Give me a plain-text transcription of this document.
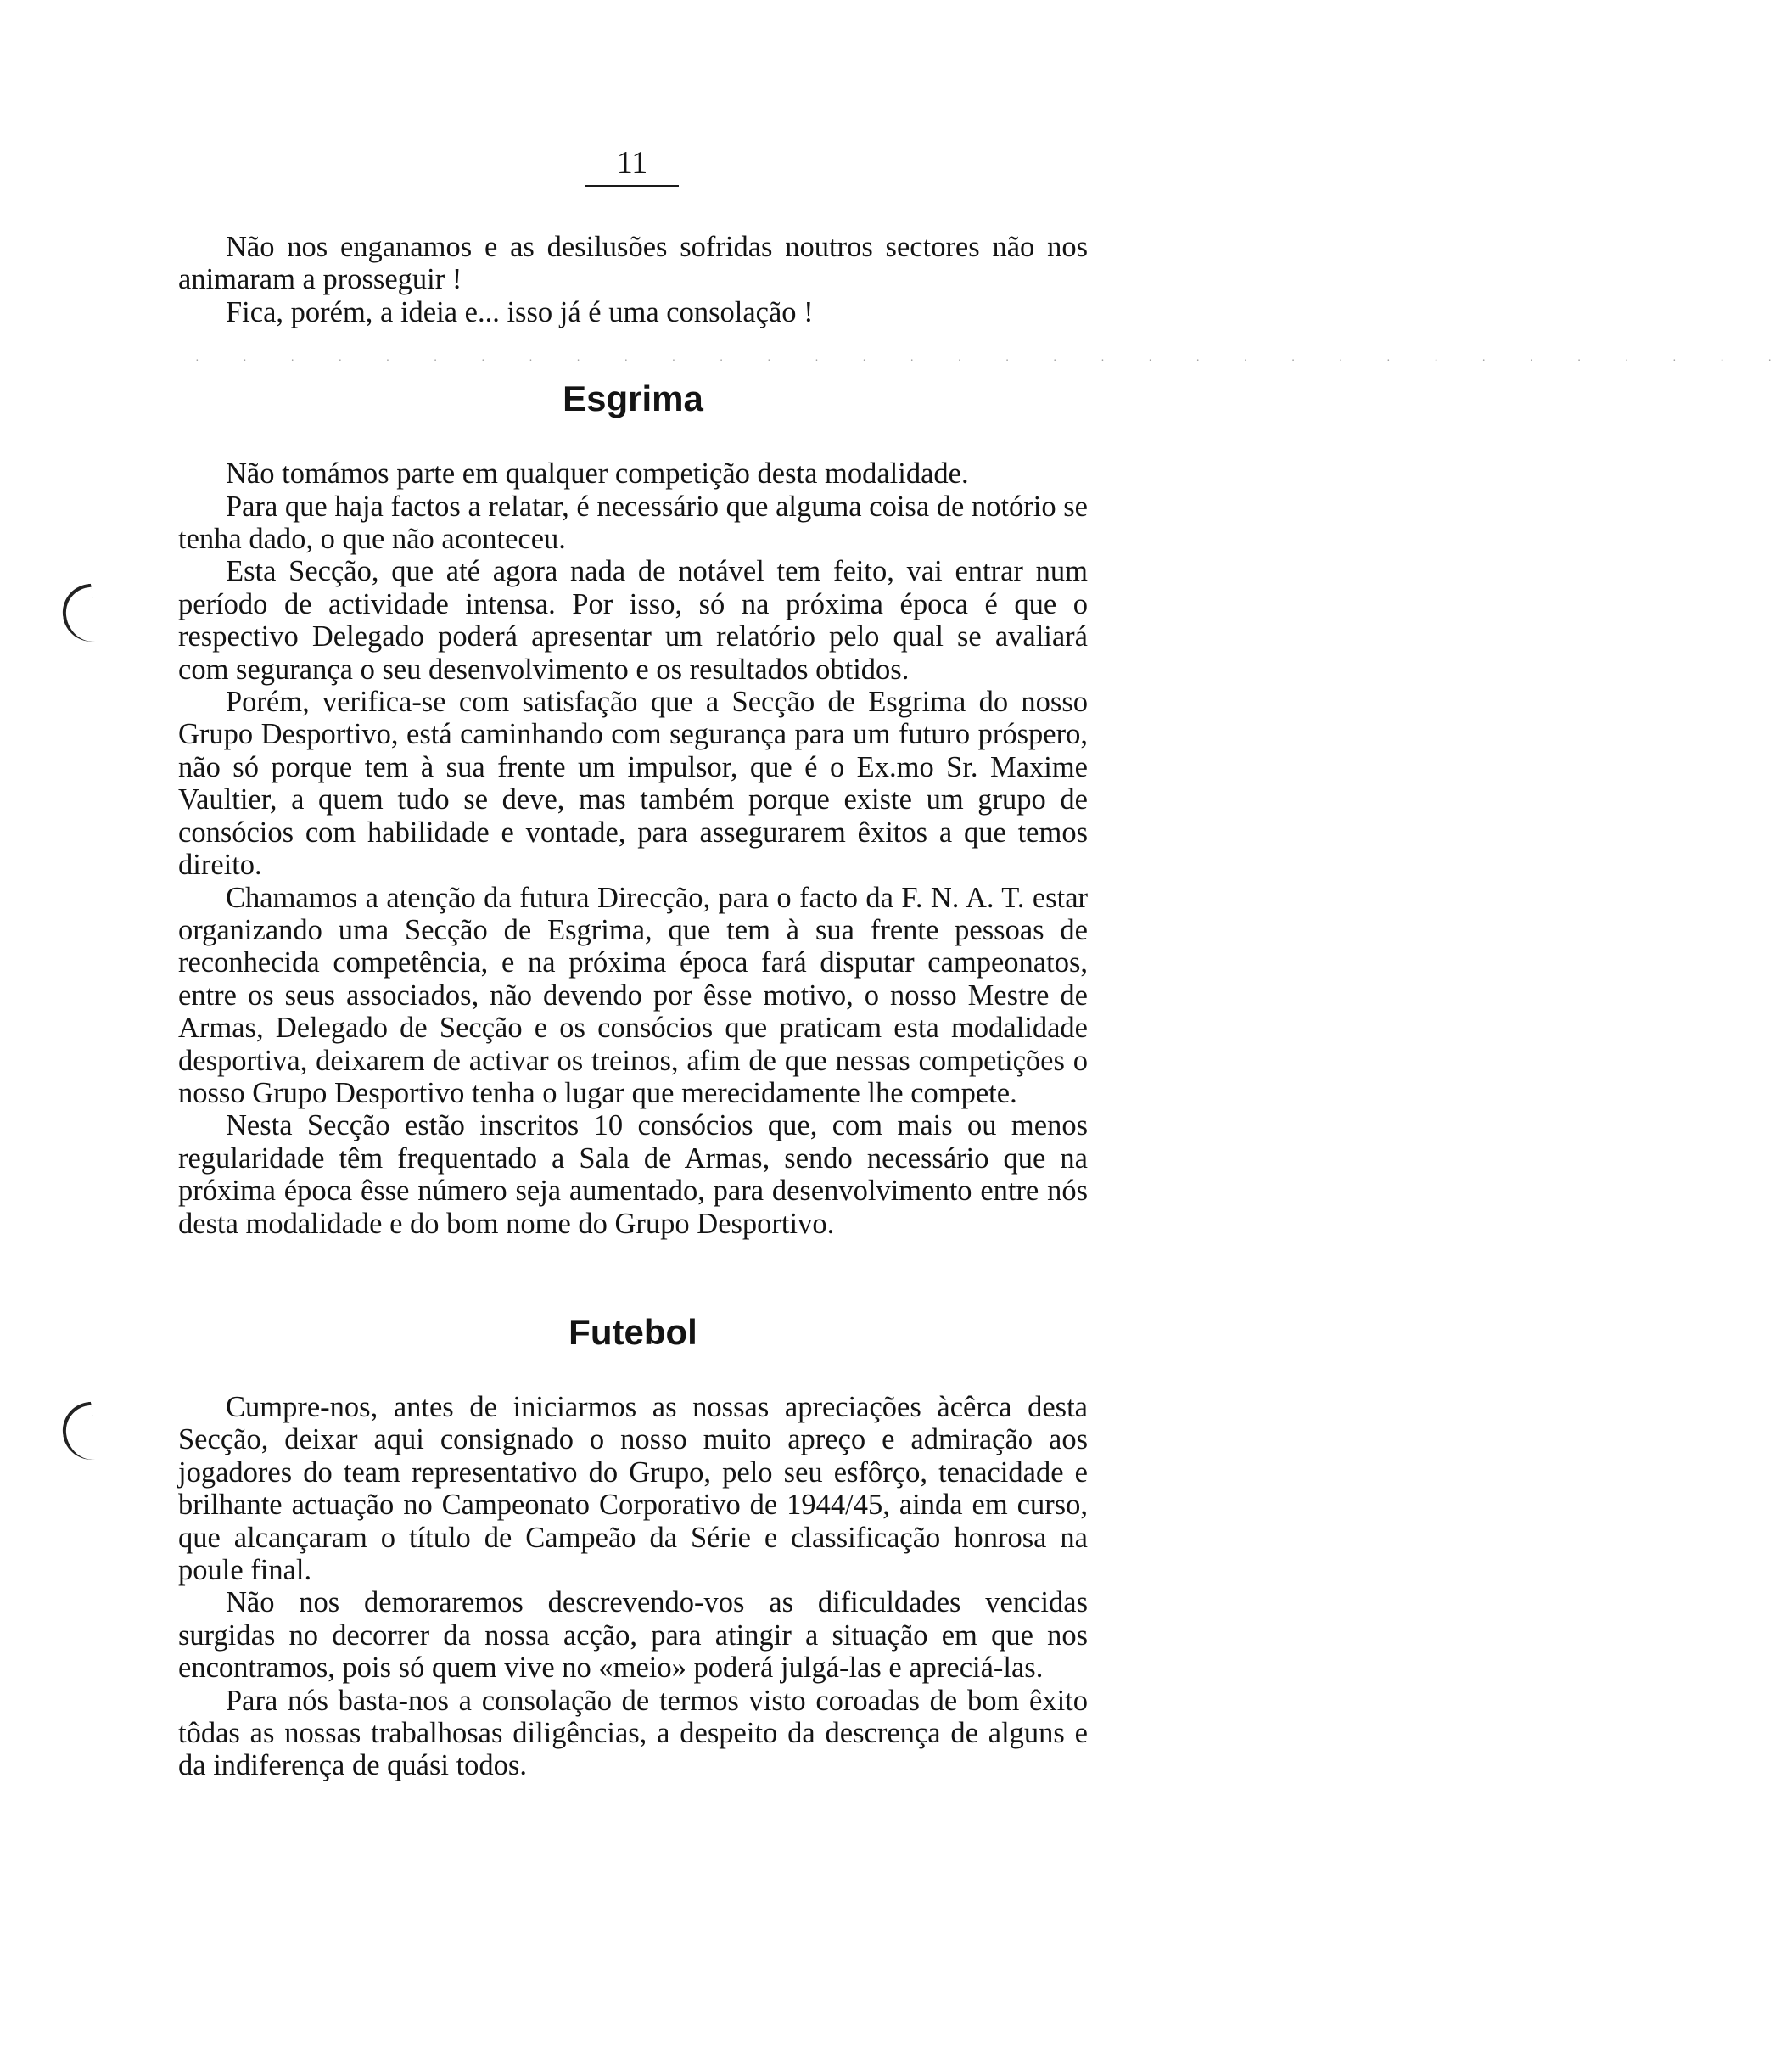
11
· · · · · · · · · · · · · · · · · · · · · · · · · · · · · · · · · ·

Não nos enganamos e as desilusões sofridas noutros sectores não nos animaram a prosseguir !

Fica, porém, a ideia e... isso já é uma consolação !

Esgrima

Não tomámos parte em qualquer competição desta modalidade.

Para que haja factos a relatar, é necessário que alguma coisa de notório se tenha dado, o que não aconteceu.

Esta Secção, que até agora nada de notável tem feito, vai entrar num período de actividade intensa. Por isso, só na próxima época é que o respectivo Delegado poderá apresentar um relatório pelo qual se avaliará com segurança o seu desenvolvimento e os resultados obtidos.

Porém, verifica-se com satisfação que a Secção de Esgrima do nosso Grupo Desportivo, está caminhando com segurança para um futuro próspero, não só porque tem à sua frente um impulsor, que é o Ex.mo Sr. Maxime Vaultier, a quem tudo se deve, mas também porque existe um grupo de consócios com habilidade e vontade, para assegurarem êxitos a que temos direito.

Chamamos a atenção da futura Direcção, para o facto da F. N. A. T. estar organizando uma Secção de Esgrima, que tem à sua frente pessoas de reconhecida competência, e na próxima época fará disputar campeonatos, entre os seus associados, não devendo por êsse motivo, o nosso Mestre de Armas, Delegado de Secção e os consócios que praticam esta modalidade desportiva, deixarem de activar os treinos, afim de que nessas competições o nosso Grupo Desportivo tenha o lugar que merecidamente lhe compete.

Nesta Secção estão inscritos 10 consócios que, com mais ou menos regularidade têm frequentado a Sala de Armas, sendo necessário que na próxima época êsse número seja aumentado, para desenvolvimento entre nós desta modalidade e do bom nome do Grupo Desportivo.

Futebol

Cumpre-nos, antes de iniciarmos as nossas apreciações àcêrca desta Secção, deixar aqui consignado o nosso muito apreço e admiração aos jogadores do team representativo do Grupo, pelo seu esfôrço, tenacidade e brilhante actuação no Campeonato Corporativo de 1944/45, ainda em curso, que alcançaram o título de Campeão da Série e classificação honrosa na poule final.

Não nos demoraremos descrevendo-vos as dificuldades vencidas surgidas no decorrer da nossa acção, para atingir a situação em que nos encontramos, pois só quem vive no «meio» poderá julgá-las e apreciá-las.

Para nós basta-nos a consolação de termos visto coroadas de bom êxito tôdas as nossas trabalhosas diligências, a despeito da descrença de alguns e da indiferença de quási todos.
